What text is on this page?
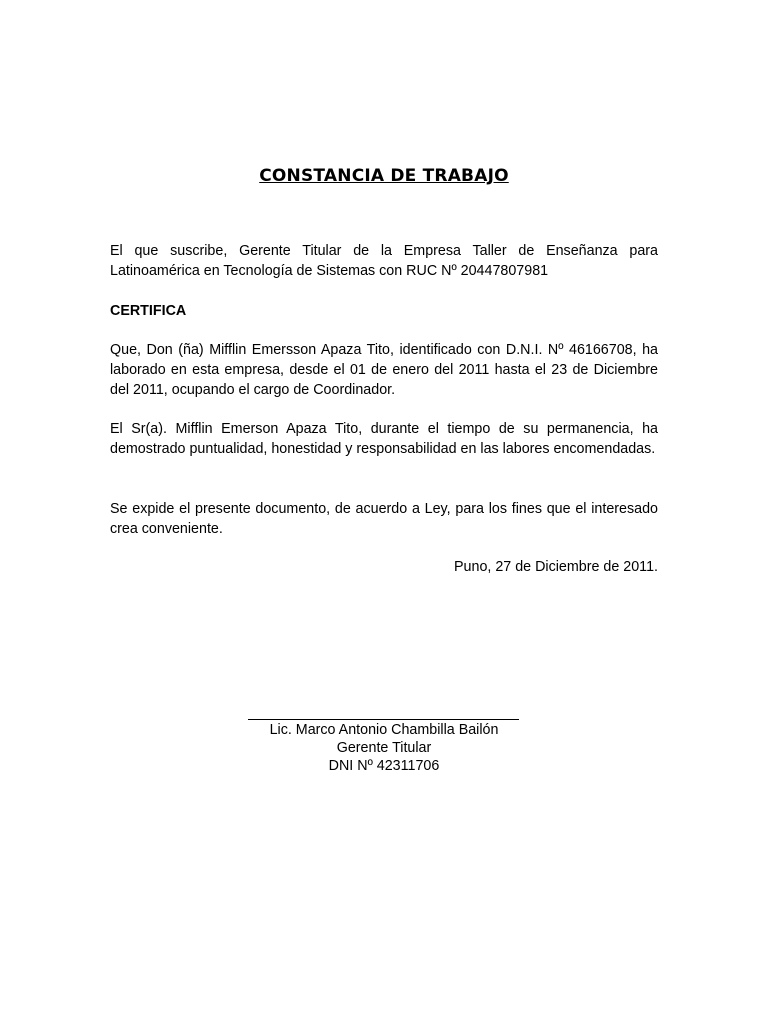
CONSTANCIA DE TRABAJO

El que suscribe, Gerente Titular de la Empresa Taller de Enseñanza para Latinoamérica en Tecnología de Sistemas con RUC Nº 20447807981

CERTIFICA

Que, Don (ña) Mifflin Emersson Apaza Tito, identificado con D.N.I. Nº 46166708, ha laborado en esta empresa, desde el 01 de enero del 2011 hasta el 23 de Diciembre del 2011, ocupando el cargo de Coordinador.

El Sr(a). Mifflin Emerson Apaza Tito, durante el tiempo de su permanencia, ha demostrado puntualidad, honestidad y responsabilidad en las labores encomendadas.

Se expide el presente documento, de acuerdo a Ley, para los fines que el interesado crea conveniente.

Puno, 27 de Diciembre de 2011.
Lic. Marco Antonio Chambilla Bailón
Gerente Titular
DNI Nº 42311706
